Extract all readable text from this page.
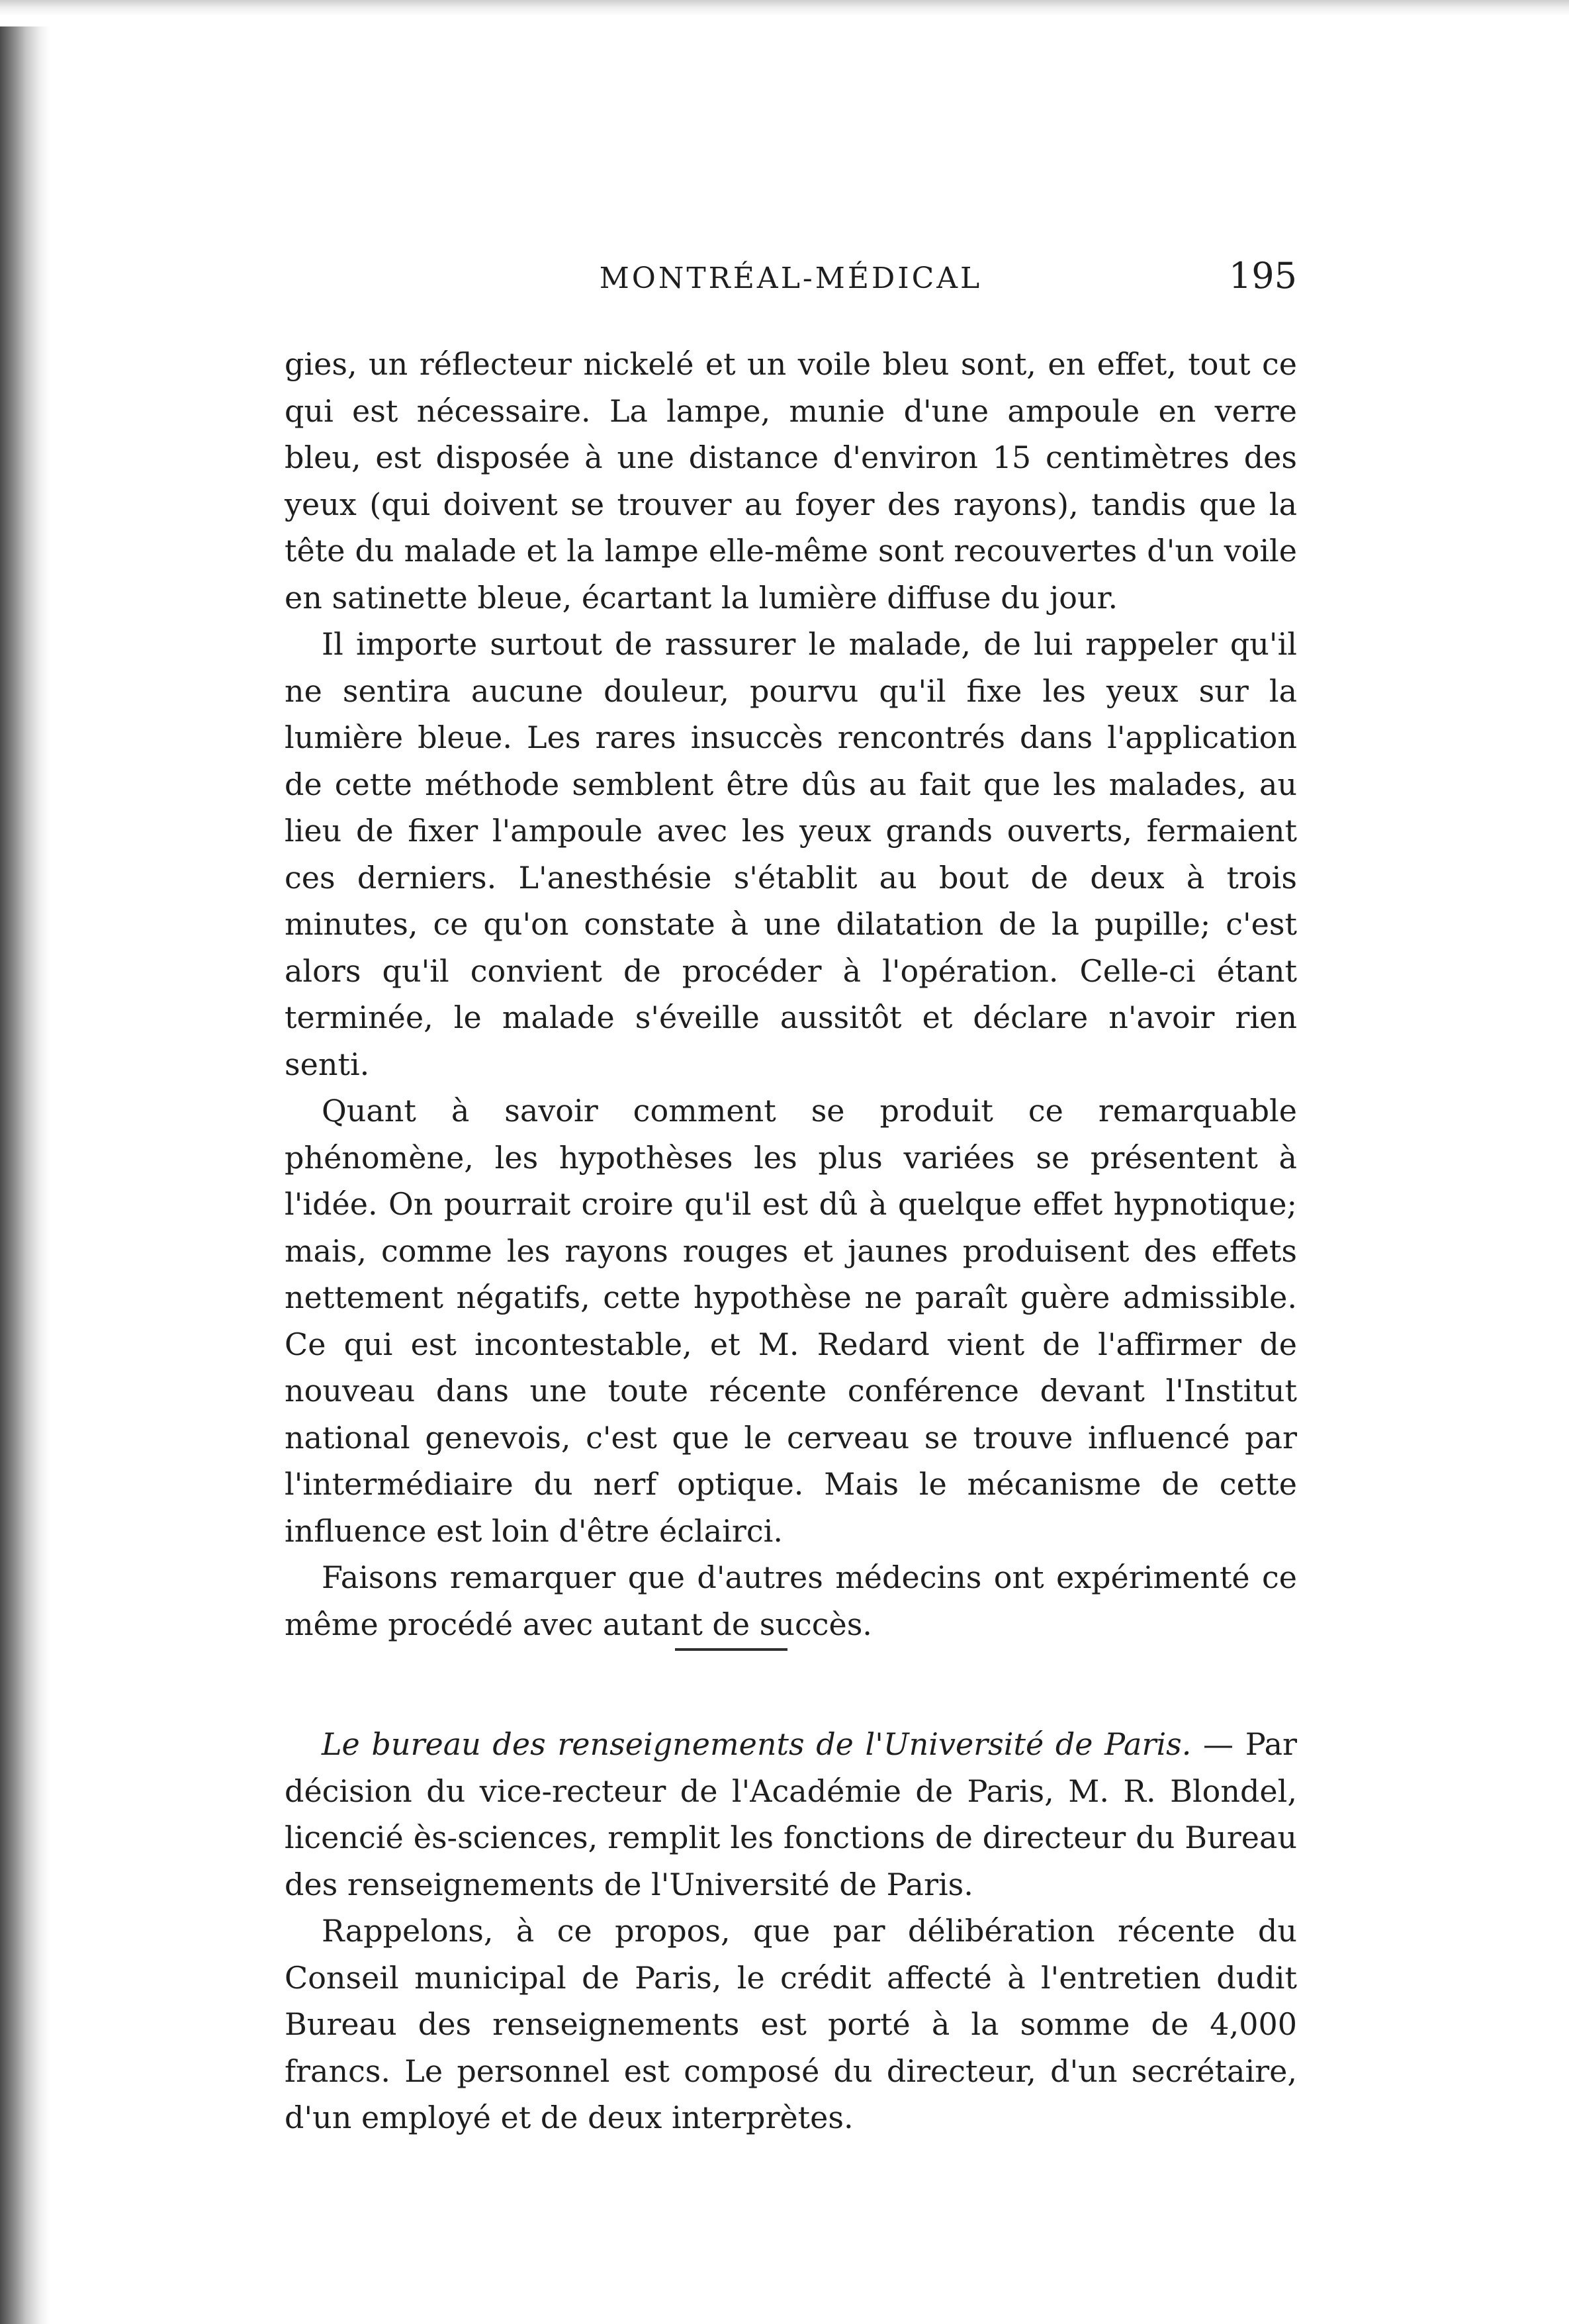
MONTRÉAL-MÉDICAL	195

gies, un réflecteur nickelé et un voile bleu sont, en effet, tout ce qui est nécessaire. La lampe, munie d'une ampoule en verre bleu, est disposée à une distance d'environ 15 centimètres des yeux (qui doivent se trouver au foyer des rayons), tandis que la tête du malade et la lampe elle-même sont recouvertes d'un voile en satinette bleue, écartant la lumière diffuse du jour.

Il importe surtout de rassurer le malade, de lui rappeler qu'il ne sentira aucune douleur, pourvu qu'il fixe les yeux sur la lumière bleue. Les rares insuccès rencontrés dans l'application de cette méthode semblent être dûs au fait que les malades, au lieu de fixer l'ampoule avec les yeux grands ouverts, fermaient ces derniers. L'anesthésie s'établit au bout de deux à trois minutes, ce qu'on constate à une dilatation de la pupille; c'est alors qu'il convient de procéder à l'opération. Celle-ci étant terminée, le malade s'éveille aussitôt et déclare n'avoir rien senti.

Quant à savoir comment se produit ce remarquable phénomène, les hypothèses les plus variées se présentent à l'idée. On pourrait croire qu'il est dû à quelque effet hypnotique; mais, comme les rayons rouges et jaunes produisent des effets nettement négatifs, cette hypothèse ne paraît guère admissible. Ce qui est incontestable, et M. Redard vient de l'affirmer de nouveau dans une toute récente conférence devant l'Institut national genevois, c'est que le cerveau se trouve influencé par l'intermédiaire du nerf optique. Mais le mécanisme de cette influence est loin d'être éclairci.

Faisons remarquer que d'autres médecins ont expérimenté ce même procédé avec autant de succès.

Le bureau des renseignements de l'Université de Paris. — Par décision du vice-recteur de l'Académie de Paris, M. R. Blondel, licencié ès-sciences, remplit les fonctions de directeur du Bureau des renseignements de l'Université de Paris.

Rappelons, à ce propos, que par délibération récente du Conseil municipal de Paris, le crédit affecté à l'entretien dudit Bureau des renseignements est porté à la somme de 4,000 francs. Le personnel est composé du directeur, d'un secrétaire, d'un employé et de deux interprètes.
